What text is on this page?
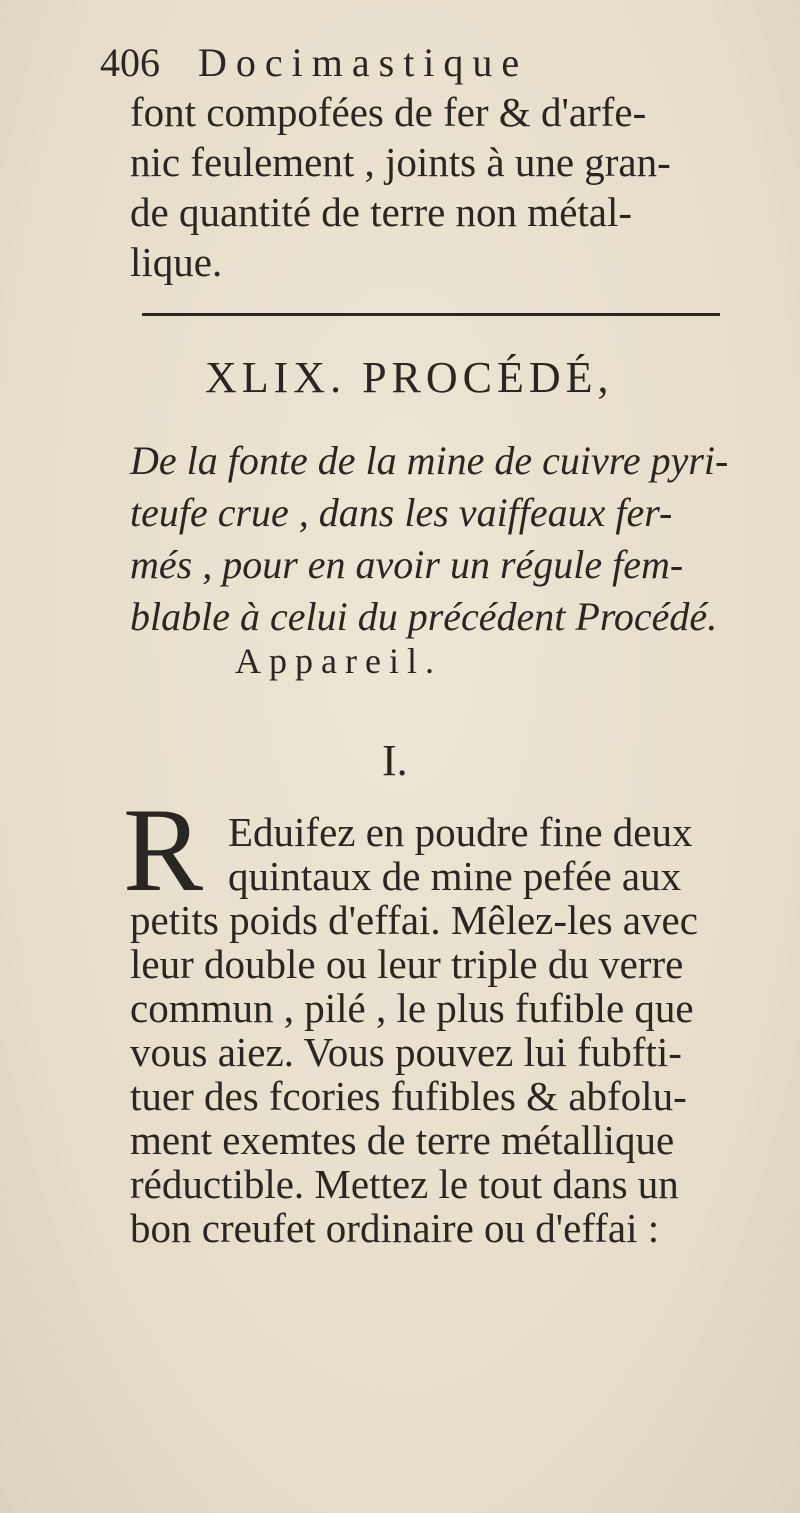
406 Docimastique
font compofées de fer & d'arfe-
nic feulement , joints à une gran-
de quantité de terre non métal-
lique.
XLIX. PROCÉDÉ,
De la fonte de la mine de cuivre pyri-
teufe crue , dans les vaiffeaux fer-
més , pour en avoir un régule fem-
blable à celui du précédent Procédé.
Appareil.
I.
R Eduifez en poudre fine deux
quintaux de mine pefée aux
petits poids d'effai. Mêlez-les avec
leur double ou leur triple du verre
commun , pilé , le plus fufible que
vous aiez. Vous pouvez lui fubfti-
tuer des fcories fufibles & abfolu-
ment exemtes de terre métallique
réductible. Mettez le tout dans un
bon creufet ordinaire ou d'effai :
